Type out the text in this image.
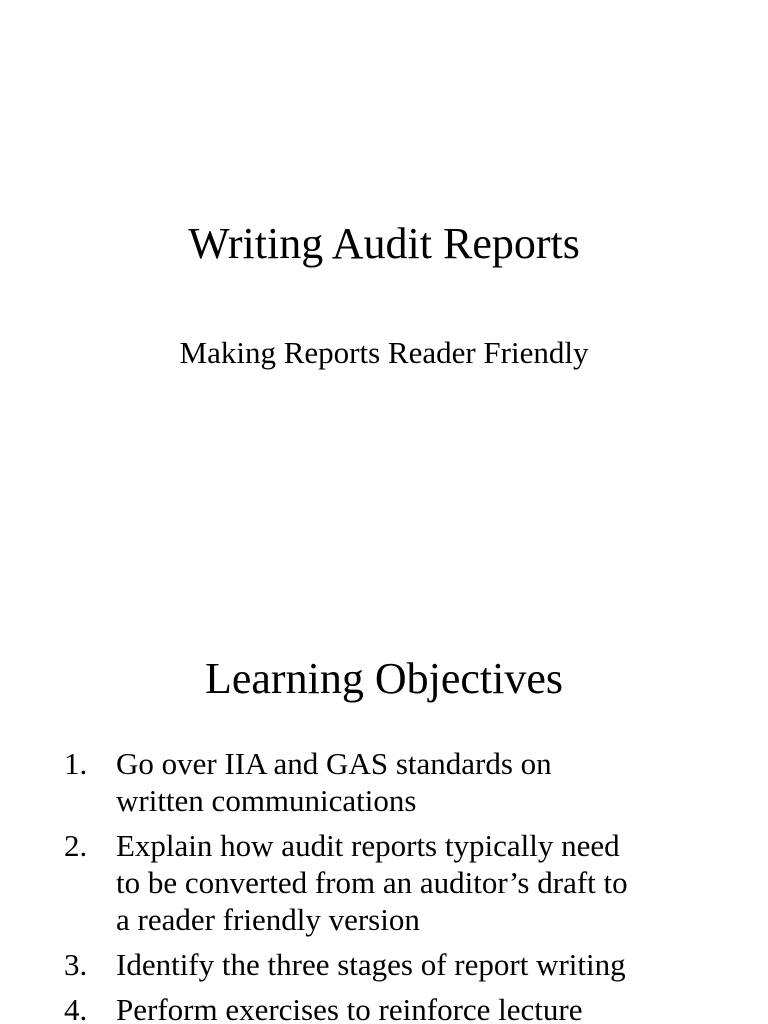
Writing Audit Reports
Making Reports Reader Friendly
Learning Objectives
1. Go over IIA and GAS standards on
written communications
2. Explain how audit reports typically need
to be converted from an auditor’s draft to
a reader friendly version
3. Identify the three stages of report writing
4. Perform exercises to reinforce lecture
